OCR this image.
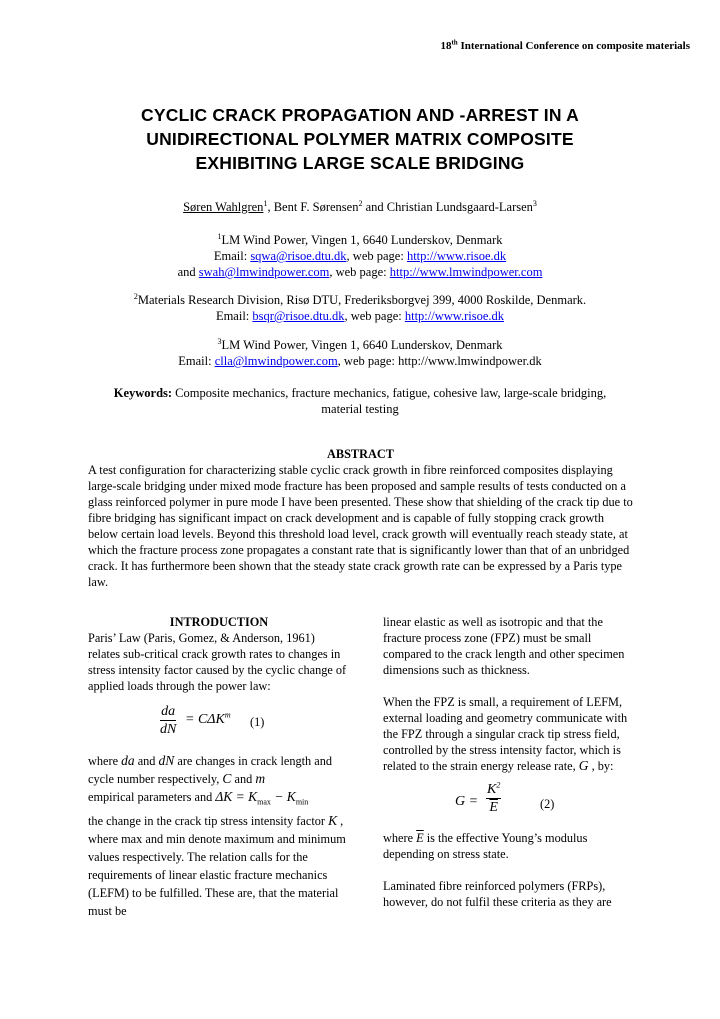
18th International Conference on composite materials
CYCLIC CRACK PROPAGATION AND -ARREST IN A
UNIDIRECTIONAL POLYMER MATRIX COMPOSITE
EXHIBITING LARGE SCALE BRIDGING
Søren Wahlgren$^1$, Bent F. Sørensen$^2$ and Christian Lundsgaard-Larsen$^3$
$^1$LM Wind Power, Vingen 1, 6640 Lunderskov, Denmark
Email: sqwa@risoe.dtu.dk, web page: http://www.risoe.dk
and swah@lmwindpower.com, web page: http://www.lmwindpower.com
$^2$Materials Research Division, Risø DTU, Frederiksborgvej 399, 4000 Roskilde, Denmark.
Email: bsqr@risoe.dtu.dk, web page: http://www.risoe.dk
$^3$LM Wind Power, Vingen 1, 6640 Lunderskov, Denmark
Email: clla@lmwindpower.com, web page: http://www.lmwindpower.dk
Keywords: Composite mechanics, fracture mechanics, fatigue, cohesive law, large-scale bridging,
material testing
ABSTRACT

A test configuration for characterizing stable cyclic crack growth in fibre reinforced composites displaying large-scale bridging under mixed mode fracture has been proposed and sample results of tests conducted on a glass reinforced polymer in pure mode I have been presented. These show that shielding of the crack tip due to fibre bridging has significant impact on crack development and is capable of fully stopping crack growth below certain load levels. Beyond this threshold load level, crack growth will eventually reach steady state, at which the fracture process zone propagates a constant rate that is significantly lower than that of an unbridged crack. It has furthermore been shown that the steady state crack growth rate can be expressed by a Paris type law.

INTRODUCTION

Paris’ Law (Paris, Gomez, & Anderson, 1961) relates sub-critical crack growth rates to changes in stress intensity factor caused by the cyclic change of applied loads through the power law:

$\frac{da}{dN} = C\Delta K^m$
(1)

where da and dN are changes in crack length and cycle number respectively, C and m
empirical parameters and $\Delta K = K_{max} - K_{min}$
the change in the crack tip stress intensity factor K , where max and min denote maximum and minimum values respectively. The relation calls for the requirements of linear elastic fracture mechanics (LEFM) to be fulfilled. These are, that the material must be

linear elastic as well as isotropic and that the fracture process zone (FPZ) must be small compared to the crack length and other specimen dimensions such as thickness.

When the FPZ is small, a requirement of LEFM, external loading and geometry communicate with the FPZ through a singular crack tip stress field, controlled by the stress intensity factor, which is related to the strain energy release rate, G , by:

$G = \frac{K^2}{E}$	(2)

where $\overline{E}$ is the effective Young’s modulus depending on stress state.

Laminated fibre reinforced polymers (FRPs), however, do not fulfil these criteria as they are
